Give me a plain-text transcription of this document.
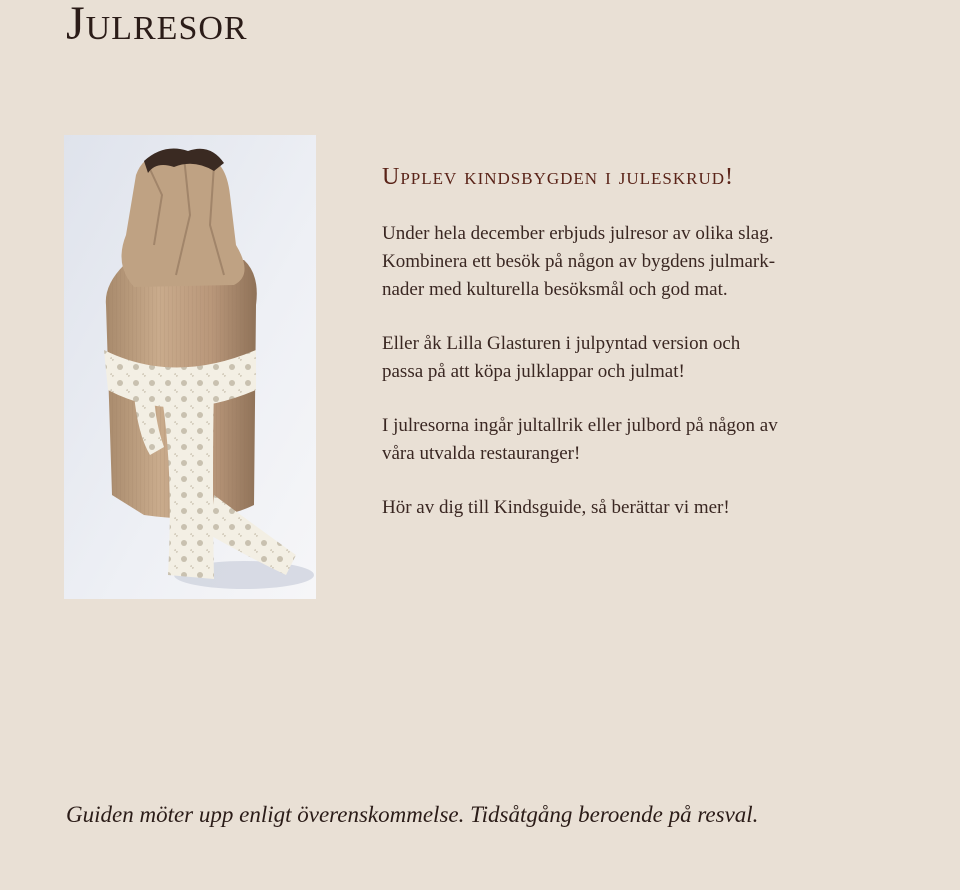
Julresor
Upplev kindsbygden i juleskrud!

Under hela december erbjuds julresor av olika slag.
Kombinera ett besök på någon av bygdens julmark-
nader med kulturella besöksmål och god mat.

Eller åk Lilla Glasturen i julpyntad version och
passa på att köpa julklappar och julmat!

I julresorna ingår jultallrik eller julbord på någon av
våra utvalda restauranger!

Hör av dig till Kindsguide, så berättar vi mer!

Guiden möter upp enligt överenskommelse. Tidsåtgång beroende på resval.
